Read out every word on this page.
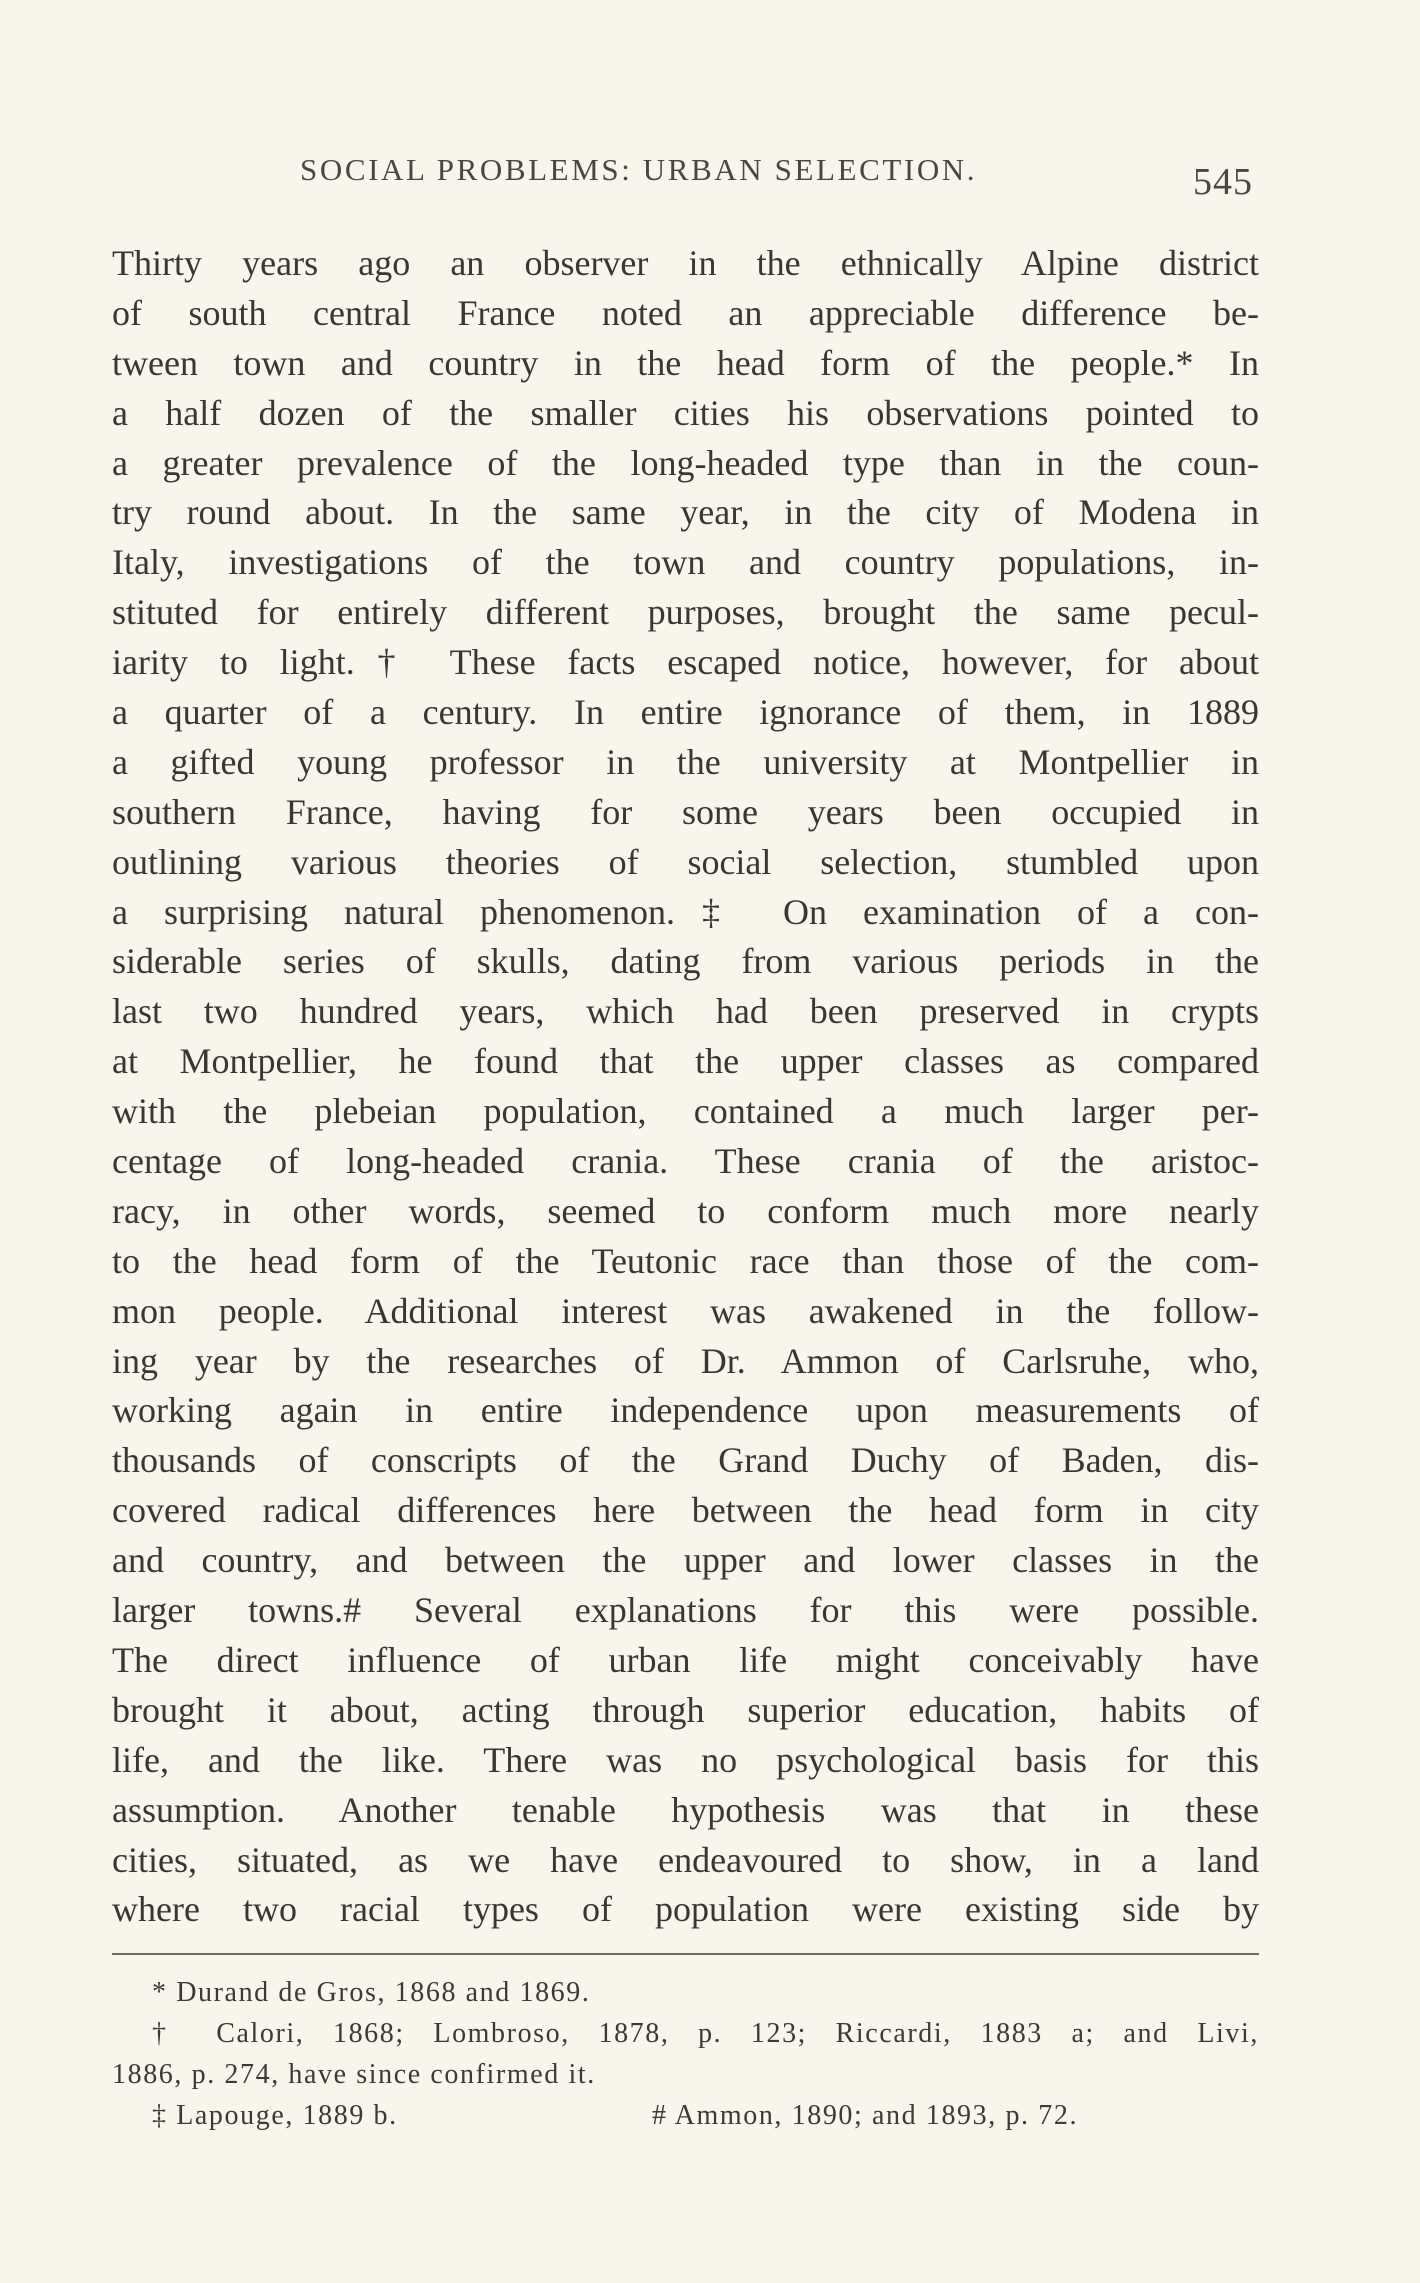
SOCIAL PROBLEMS: URBAN SELECTION.	545
Thirty years ago an observer in the ethnically Alpine district
of south central France noted an appreciable difference be-
tween town and country in the head form of the people.* In
a half dozen of the smaller cities his observations pointed to
a greater prevalence of the long-headed type than in the coun-
try round about. In the same year, in the city of Modena in
Italy, investigations of the town and country populations, in-
stituted for entirely different purposes, brought the same pecul-
iarity to light.† These facts escaped notice, however, for about
a quarter of a century. In entire ignorance of them, in 1889
a gifted young professor in the university at Montpellier in
southern France, having for some years been occupied in
outlining various theories of social selection, stumbled upon
a surprising natural phenomenon.‡ On examination of a con-
siderable series of skulls, dating from various periods in the
last two hundred years, which had been preserved in crypts
at Montpellier, he found that the upper classes as compared
with the plebeian population, contained a much larger per-
centage of long-headed crania. These crania of the aristoc-
racy, in other words, seemed to conform much more nearly
to the head form of the Teutonic race than those of the com-
mon people. Additional interest was awakened in the follow-
ing year by the researches of Dr. Ammon of Carlsruhe, who,
working again in entire independence upon measurements of
thousands of conscripts of the Grand Duchy of Baden, dis-
covered radical differences here between the head form in city
and country, and between the upper and lower classes in the
larger towns.# Several explanations for this were possible.
The direct influence of urban life might conceivably have
brought it about, acting through superior education, habits of
life, and the like. There was no psychological basis for this
assumption. Another tenable hypothesis was that in these
cities, situated, as we have endeavoured to show, in a land
where two racial types of population were existing side by
* Durand de Gros, 1868 and 1869.
† Calori, 1868; Lombroso, 1878, p. 123; Riccardi, 1883 a; and Livi,
1886, p. 274, have since confirmed it.
‡ Lapouge, 1889 b.	# Ammon, 1890; and 1893, p. 72.
